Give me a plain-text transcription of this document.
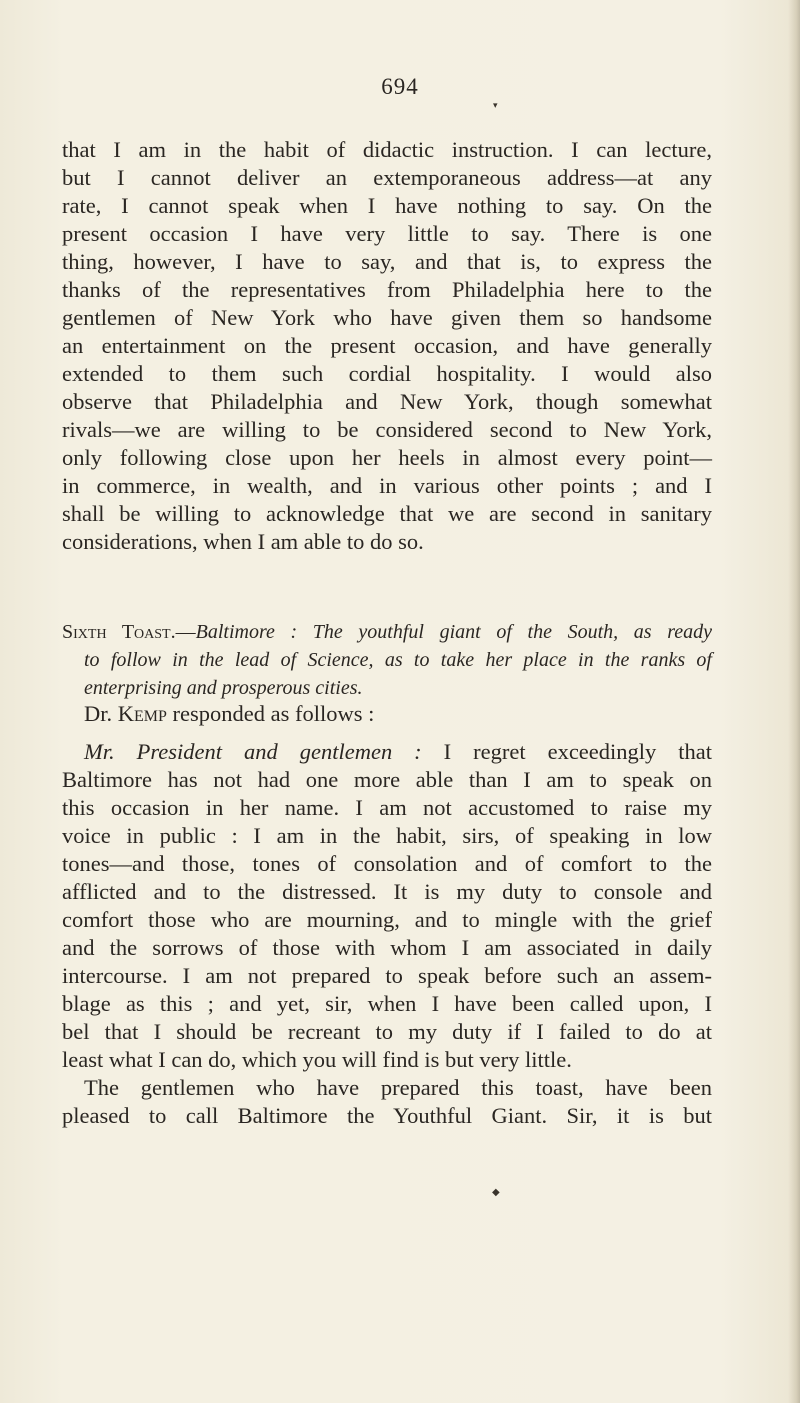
694
▾
that I am in the habit of didactic instruction. I can lecture,
but I cannot deliver an extemporaneous address—at any
rate, I cannot speak when I have nothing to say. On the
present occasion I have very little to say. There is one
thing, however, I have to say, and that is, to express the
thanks of the representatives from Philadelphia here to the
gentlemen of New York who have given them so handsome
an entertainment on the present occasion, and have generally
extended to them such cordial hospitality. I would also
observe that Philadelphia and New York, though somewhat
rivals—we are willing to be considered second to New York,
only following close upon her heels in almost every point—
in commerce, in wealth, and in various other points ; and I
shall be willing to acknowledge that we are second in sanitary
considerations, when I am able to do so.
Sixth Toast.—Baltimore : The youthful giant of the South, as ready
to follow in the lead of Science, as to take her place in the ranks of
enterprising and prosperous cities.
Dr. Kemp responded as follows :
Mr. President and gentlemen : I regret exceedingly that
Baltimore has not had one more able than I am to speak on
this occasion in her name. I am not accustomed to raise my
voice in public : I am in the habit, sirs, of speaking in low
tones—and those, tones of consolation and of comfort to the
afflicted and to the distressed. It is my duty to console and
comfort those who are mourning, and to mingle with the grief
and the sorrows of those with whom I am associated in daily
intercourse. I am not prepared to speak before such an assem-
blage as this ; and yet, sir, when I have been called upon, I
bel that I should be recreant to my duty if I failed to do at
least what I can do, which you will find is but very little.
The gentlemen who have prepared this toast, have been
pleased to call Baltimore the Youthful Giant. Sir, it is but
◆
